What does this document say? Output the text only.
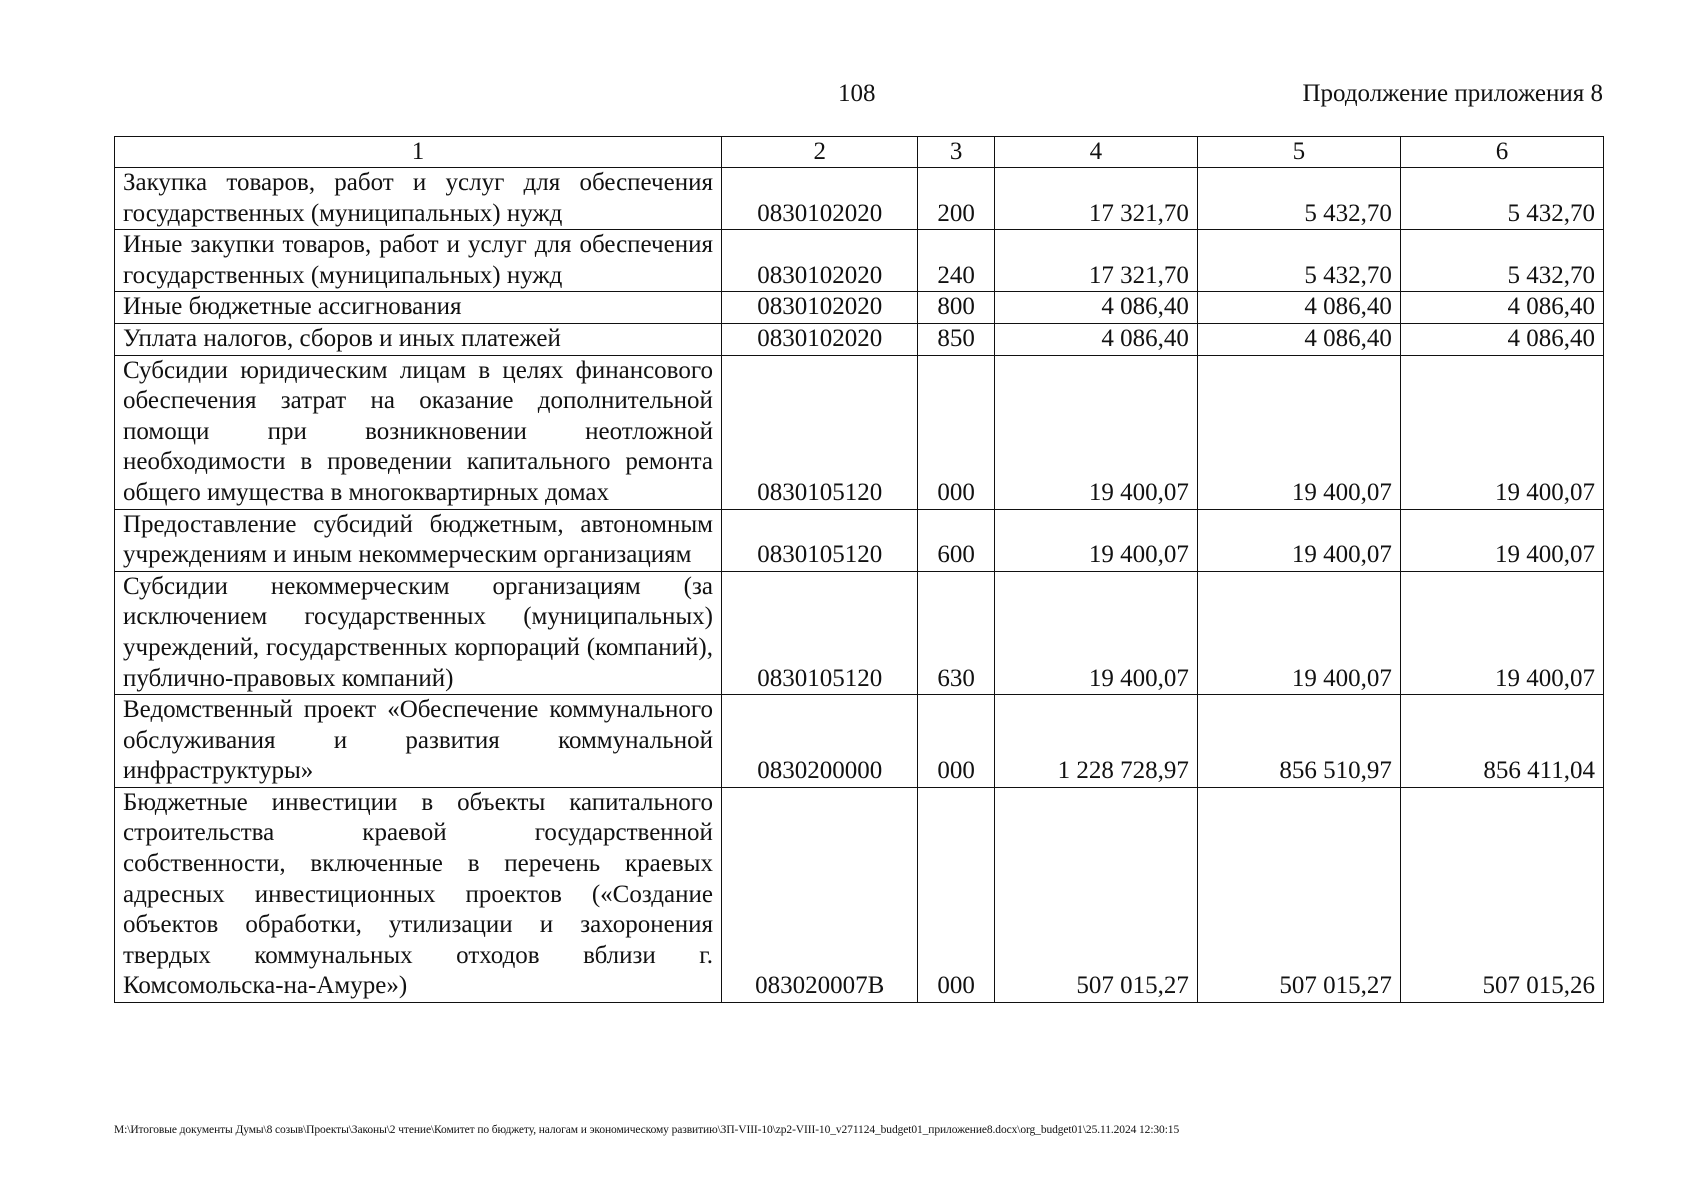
108	Продолжение приложения 8
1	2	3	4	5	6
Закупка товаров, работ и услуг для обеспечения государственных (муниципальных) нужд	0830102020	200	17 321,70	5 432,70	5 432,70
Иные закупки товаров, работ и услуг для обеспечения государственных (муниципальных) нужд	0830102020	240	17 321,70	5 432,70	5 432,70
Иные бюджетные ассигнования	0830102020	800	4 086,40	4 086,40	4 086,40
Уплата налогов, сборов и иных платежей	0830102020	850	4 086,40	4 086,40	4 086,40
Субсидии юридическим лицам в целях финансового обеспечения затрат на оказание дополнительной помощи при возникновении неотложной необходимости в проведении капитального ремонта общего имущества в многоквартирных домах	0830105120	000	19 400,07	19 400,07	19 400,07
Предоставление субсидий бюджетным, автономным учреждениям и иным некоммерческим организациям	0830105120	600	19 400,07	19 400,07	19 400,07
Субсидии некоммерческим организациям (за исключением государственных (муниципальных) учреждений, государственных корпораций (компаний), публично-правовых компаний)	0830105120	630	19 400,07	19 400,07	19 400,07
Ведомственный проект «Обеспечение коммунального обслуживания и развития коммунальной инфраструктуры»	0830200000	000	1 228 728,97	856 510,97	856 411,04
Бюджетные инвестиции в объекты капитального строительства краевой государственной собственности, включенные в перечень краевых адресных инвестиционных проектов («Создание объектов обработки, утилизации и захоронения твердых коммунальных отходов вблизи г. Комсомольска-на-Амуре»)	083020007В	000	507 015,27	507 015,27	507 015,26
М:\Итоговые документы Думы\8 созыв\Проекты\Законы\2 чтение\Комитет по бюджету, налогам и экономическому развитию\ЗП-VIII-10\zp2-VIII-10_v271124_budget01_приложение8.docx\org_budget01\25.11.2024 12:30:15
